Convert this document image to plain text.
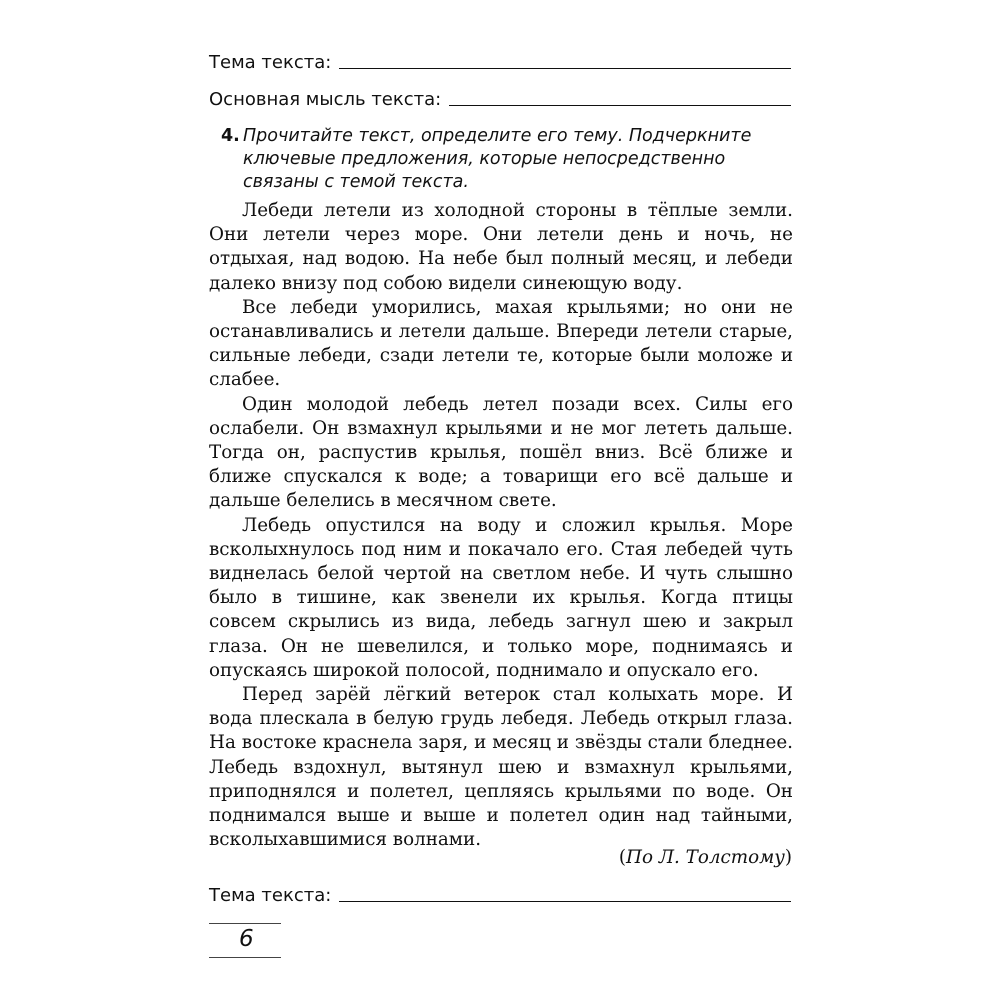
Тема текста:
Основная мысль текста:
4. Прочитайте текст, определите его тему. Подчеркните ключевые предложения, которые непосредственно связаны с темой текста.

Лебеди летели из холодной стороны в тёплые земли. Они летели через море. Они летели день и ночь, не отдыхая, над водою. На небе был полный месяц, и лебеди далеко внизу под собою видели синеющую воду.

Все лебеди уморились, махая крыльями; но они не останавливались и летели дальше. Впереди летели старые, сильные лебеди, сзади летели те, которые были моложе и слабее.

Один молодой лебедь летел позади всех. Силы его ослабели. Он взмахнул крыльями и не мог лететь дальше. Тогда он, распустив крылья, пошёл вниз. Всё ближе и ближе спускался к воде; а товарищи его всё дальше и дальше белелись в месячном свете.

Лебедь опустился на воду и сложил крылья. Море всколыхнулось под ним и покачало его. Стая лебедей чуть виднелась белой чертой на светлом небе. И чуть слышно было в тишине, как звенели их крылья. Когда птицы совсем скрылись из вида, лебедь загнул шею и закрыл глаза. Он не шевелился, и только море, поднимаясь и опускаясь широкой полосой, поднимало и опускало его.

Перед зарёй лёгкий ветерок стал колыхать море. И вода плескала в белую грудь лебедя. Лебедь открыл глаза. На востоке краснела заря, и месяц и звёзды стали бледнее. Лебедь вздохнул, вытянул шею и взмахнул крыльями, приподнялся и полетел, цепляясь крыльями по воде. Он поднимался выше и выше и полетел один над тайными, всколыхавшимися волнами.

(По Л. Толстому)
Тема текста:
6
